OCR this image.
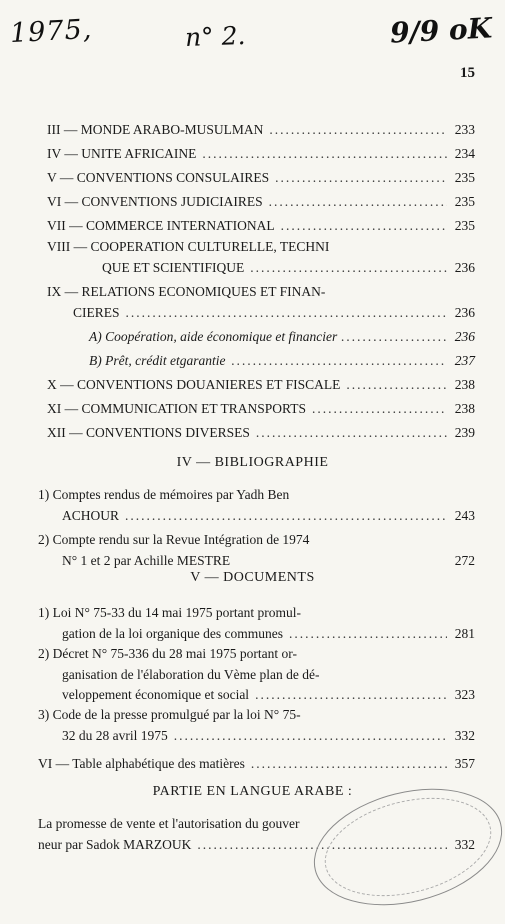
1975,	n° 2.	9/9 oK
15
III — MONDE ARABO-MUSULMAN .....	233
IV — UNITE AFRICAINE .....	234
V — CONVENTIONS CONSULAIRES .....	235
VI — CONVENTIONS JUDICIAIRES .....	235
VII — COMMERCE INTERNATIONAL .....	235
VIII — COOPERATION CULTURELLE, TECHNI
QUE ET SCIENTIFIQUE .....	236
IX — RELATIONS ECONOMIQUES ET FINAN-
CIERES .....	236
A) Coopération, aide économique et financier .....	236
B) Prêt, crédit etgarantie .....	237
X — CONVENTIONS DOUANIERES ET FISCALE .....	238
XI — COMMUNICATION ET TRANSPORTS .....	238
XII — CONVENTIONS DIVERSES .....	239
IV — BIBLIOGRAPHIE
1) Comptes rendus de mémoires par Yadh Ben
ACHOUR .....	243
2) Compte rendu sur la Revue Intégration de 1974
N° 1 et 2 par Achille MESTRE	272
V — DOCUMENTS
1) Loi N° 75-33 du 14 mai 1975 portant promul-
gation de la loi organique des communes .....	281
2) Décret N° 75-336 du 28 mai 1975 portant or-
ganisation de l'élaboration du Vème plan de dé-
veloppement économique et social .....	323
3) Code de la presse promulgué par la loi N° 75-
32 du 28 avril 1975 .....	332
VI — Table alphabétique des matières .....	357
PARTIE EN LANGUE ARABE :
La promesse de vente et l'autorisation du gouver
neur par Sadok MARZOUK .....	332
